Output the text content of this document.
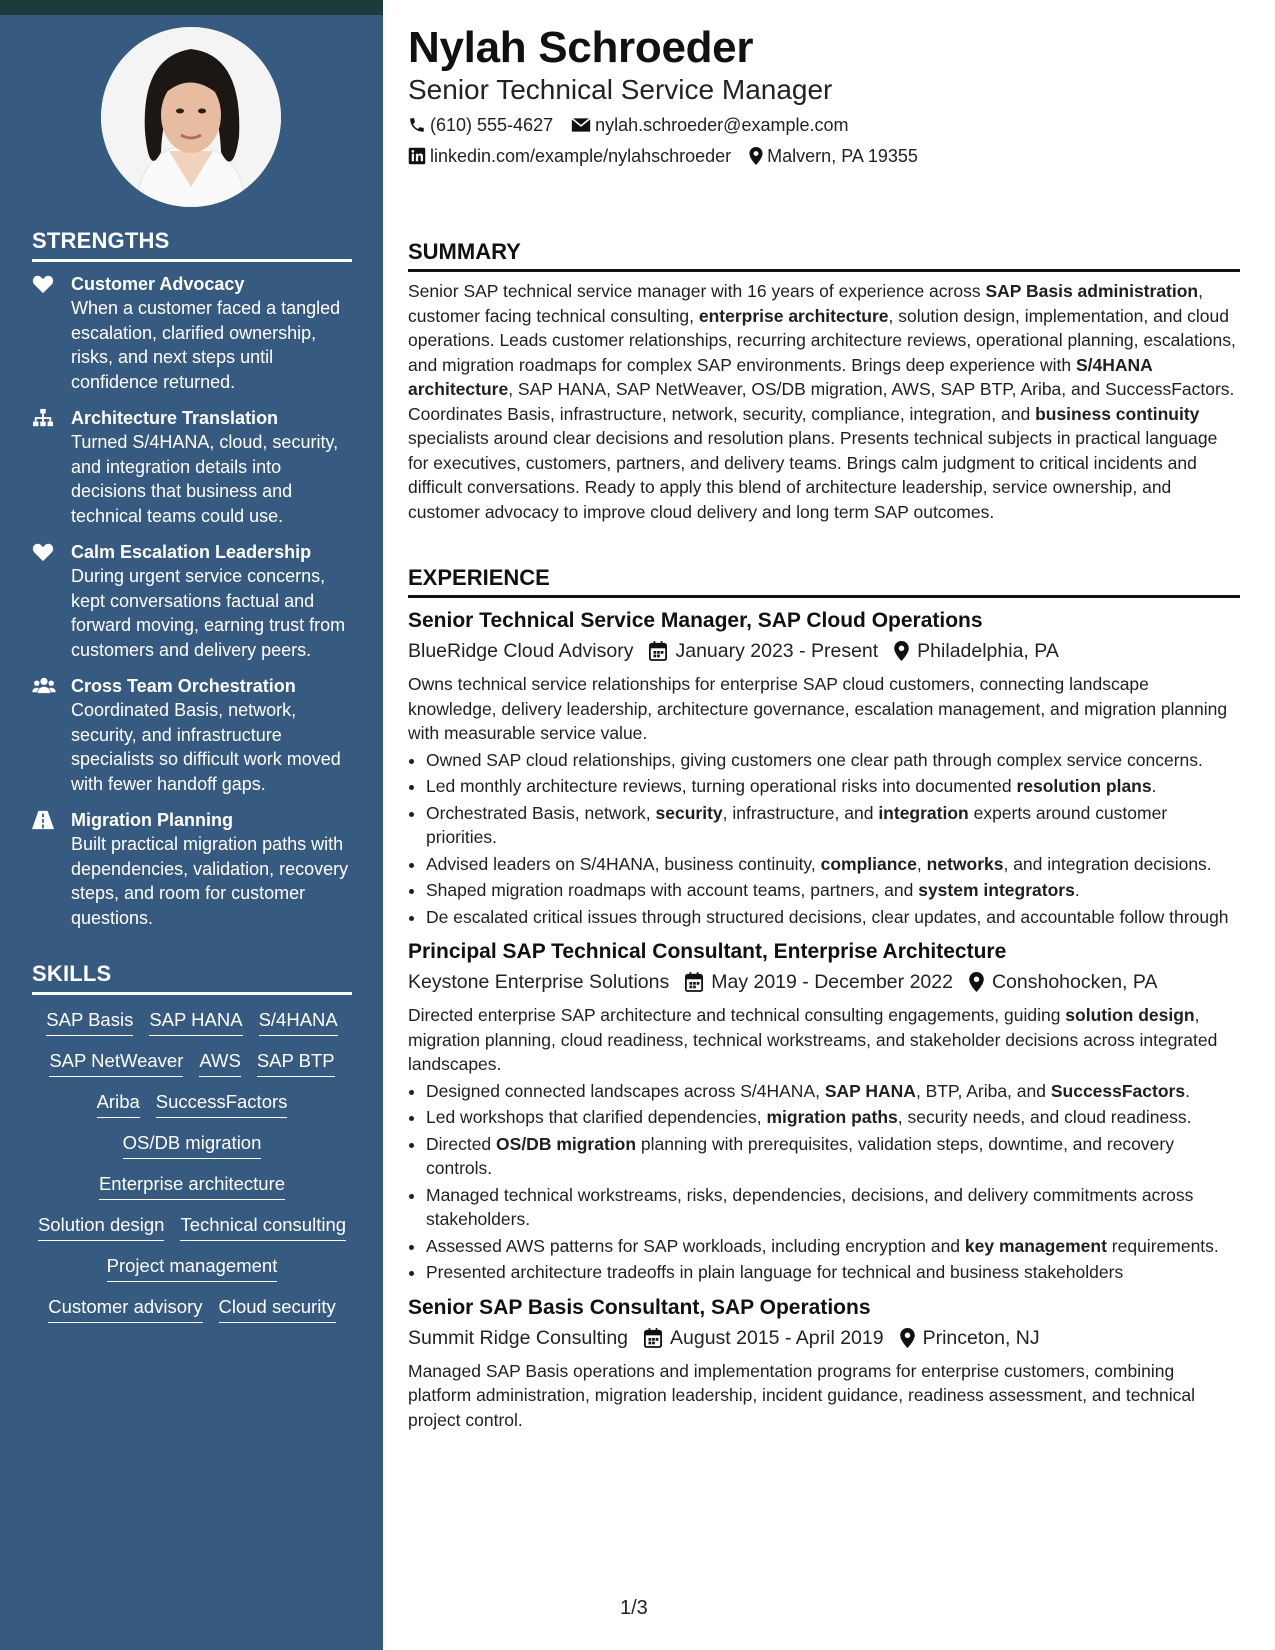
STRENGTHS
Customer Advocacy
When a customer faced a tangled escalation, clarified ownership, risks, and next steps until confidence returned.
Architecture Translation
Turned S/4HANA, cloud, security, and integration details into decisions that business and technical teams could use.
Calm Escalation Leadership
During urgent service concerns, kept conversations factual and forward moving, earning trust from customers and delivery peers.
Cross Team Orchestration
Coordinated Basis, network, security, and infrastructure specialists so difficult work moved with fewer handoff gaps.
Migration Planning
Built practical migration paths with dependencies, validation, recovery steps, and room for customer questions.
SKILLS
SAP Basis SAP HANA S/4HANA
SAP NetWeaver AWS SAP BTP
Ariba SuccessFactors
OS/DB migration
Enterprise architecture
Solution design Technical consulting
Project management
Customer advisory Cloud security
Nylah Schroeder
Senior Technical Service Manager
(610) 555-4627 nylah.schroeder@example.com
linkedin.com/example/nylahschroeder Malvern, PA 19355
SUMMARY

Senior SAP technical service manager with 16 years of experience across SAP Basis administration, customer facing technical consulting, enterprise architecture, solution design, implementation, and cloud operations. Leads customer relationships, recurring architecture reviews, operational planning, escalations, and migration roadmaps for complex SAP environments. Brings deep experience with S/4HANA architecture, SAP HANA, SAP NetWeaver, OS/DB migration, AWS, SAP BTP, Ariba, and SuccessFactors. Coordinates Basis, infrastructure, network, security, compliance, integration, and business continuity specialists around clear decisions and resolution plans. Presents technical subjects in practical language for executives, customers, partners, and delivery teams. Brings calm judgment to critical incidents and difficult conversations. Ready to apply this blend of architecture leadership, service ownership, and customer advocacy to improve cloud delivery and long term SAP outcomes.

EXPERIENCE
Senior Technical Service Manager, SAP Cloud Operations
BlueRidge Cloud Advisory January 2023 - Present Philadelphia, PA
Owns technical service relationships for enterprise SAP cloud customers, connecting landscape knowledge, delivery leadership, architecture governance, escalation management, and migration planning with measurable service value.
• Owned SAP cloud relationships, giving customers one clear path through complex service concerns.
• Led monthly architecture reviews, turning operational risks into documented resolution plans.
• Orchestrated Basis, network, security, infrastructure, and integration experts around customer priorities.
• Advised leaders on S/4HANA, business continuity, compliance, networks, and integration decisions.
• Shaped migration roadmaps with account teams, partners, and system integrators.
• De escalated critical issues through structured decisions, clear updates, and accountable follow through
Principal SAP Technical Consultant, Enterprise Architecture
Keystone Enterprise Solutions May 2019 - December 2022 Conshohocken, PA
Directed enterprise SAP architecture and technical consulting engagements, guiding solution design, migration planning, cloud readiness, technical workstreams, and stakeholder decisions across integrated landscapes.
• Designed connected landscapes across S/4HANA, SAP HANA, BTP, Ariba, and SuccessFactors.
• Led workshops that clarified dependencies, migration paths, security needs, and cloud readiness.
• Directed OS/DB migration planning with prerequisites, validation steps, downtime, and recovery controls.
• Managed technical workstreams, risks, dependencies, decisions, and delivery commitments across stakeholders.
• Assessed AWS patterns for SAP workloads, including encryption and key management requirements.
• Presented architecture tradeoffs in plain language for technical and business stakeholders
Senior SAP Basis Consultant, SAP Operations
Summit Ridge Consulting August 2015 - April 2019 Princeton, NJ
Managed SAP Basis operations and implementation programs for enterprise customers, combining platform administration, migration leadership, incident guidance, readiness assessment, and technical project control.
1/3
